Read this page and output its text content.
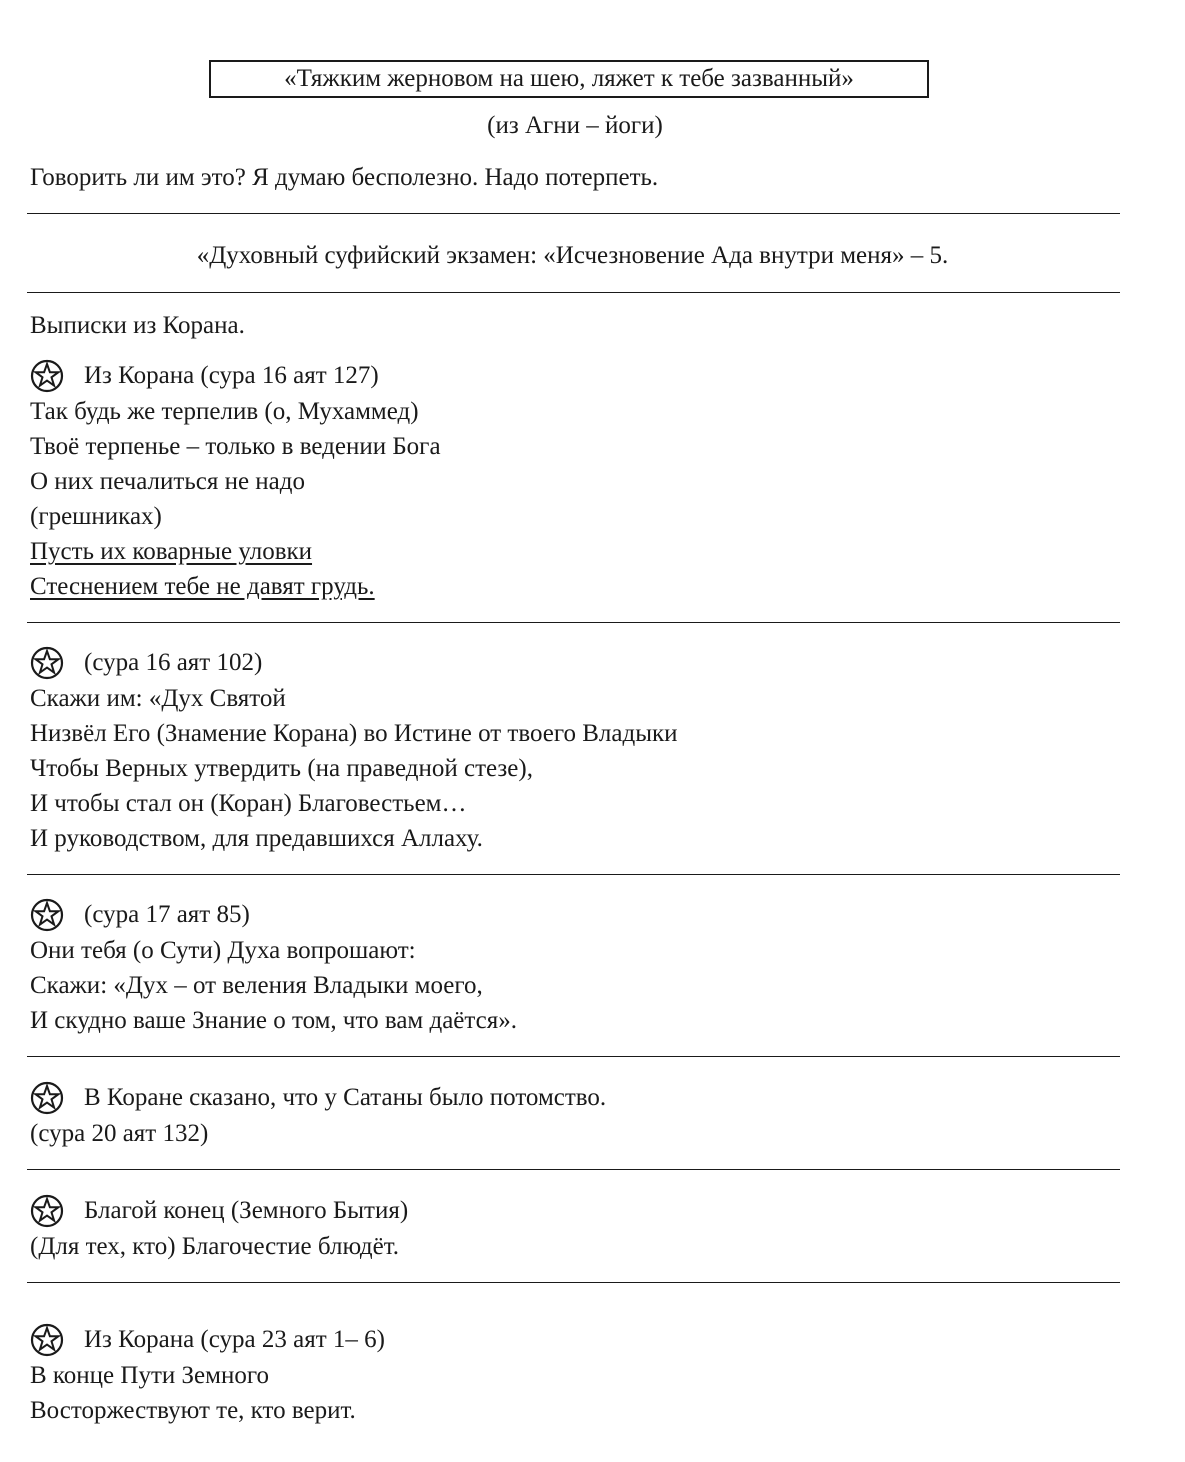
«Тяжким жерновом на шею, ляжет к тебе зазванный»
(из Агни – йоги)
Говорить ли им это? Я думаю бесполезно. Надо потерпеть.
«Духовный суфийский экзамен: «Исчезновение Ада внутри меня» – 5.
Выписки из Корана.
Из Корана (сура 16 аят 127)
Так будь же терпелив (о, Мухаммед)
Твоё терпенье – только в ведении Бога
О них печалиться не надо
(грешниках)
Пусть их коварные уловки
Стеснением тебе не давят грудь.
(сура 16 аят 102)
Скажи им: «Дух Святой
Низвёл Его (Знамение Корана) во Истине от твоего Владыки
Чтобы Верных утвердить (на праведной стезе),
И чтобы стал он (Коран) Благовестьем…
И руководством, для предавшихся Аллаху.
(сура 17 аят 85)
Они тебя (о Сути) Духа вопрошают:
Скажи: «Дух – от веления Владыки моего,
И скудно ваше Знание о том, что вам даётся».
В Коране сказано, что у Сатаны было потомство.
(сура 20 аят 132)
Благой конец (Земного Бытия)
(Для тех, кто) Благочестие блюдёт.
Из Корана (сура 23 аят 1– 6)
В конце Пути Земного
Восторжествуют те, кто верит.
